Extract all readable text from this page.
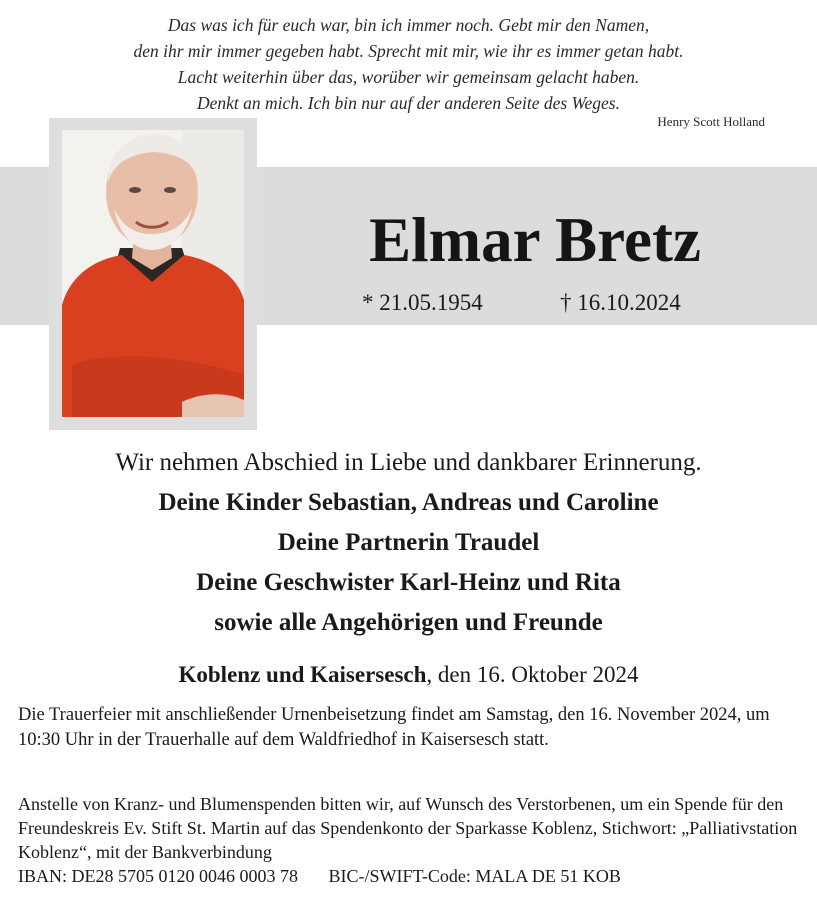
Das was ich für euch war, bin ich immer noch. Gebt mir den Namen,
den ihr mir immer gegeben habt. Sprecht mit mir, wie ihr es immer getan habt.
Lacht weiterhin über das, worüber wir gemeinsam gelacht haben.
Denkt an mich. Ich bin nur auf der anderen Seite des Weges.
Henry Scott Holland
Elmar Bretz
* 21.05.1954	† 16.10.2024
Wir nehmen Abschied in Liebe und dankbarer Erinnerung.
Deine Kinder Sebastian, Andreas und Caroline
Deine Partnerin Traudel
Deine Geschwister Karl-Heinz und Rita
sowie alle Angehörigen und Freunde
Koblenz und Kaisersesch, den 16. Oktober 2024
Die Trauerfeier mit anschließender Urnenbeisetzung findet am Samstag, den 16. November 2024, um 10:30 Uhr in der Trauerhalle auf dem Waldfriedhof in Kaisersesch statt.
Anstelle von Kranz- und Blumenspenden bitten wir, auf Wunsch des Verstorbenen, um ein Spende für den Freundeskreis Ev. Stift St. Martin auf das Spendenkonto der Sparkasse Koblenz, Stichwort: „Palliativstation Koblenz“, mit der Bankverbindung
IBAN: DE28 5705 0120 0046 0003 78 BIC-/SWIFT-Code: MALA DE 51 KOB
